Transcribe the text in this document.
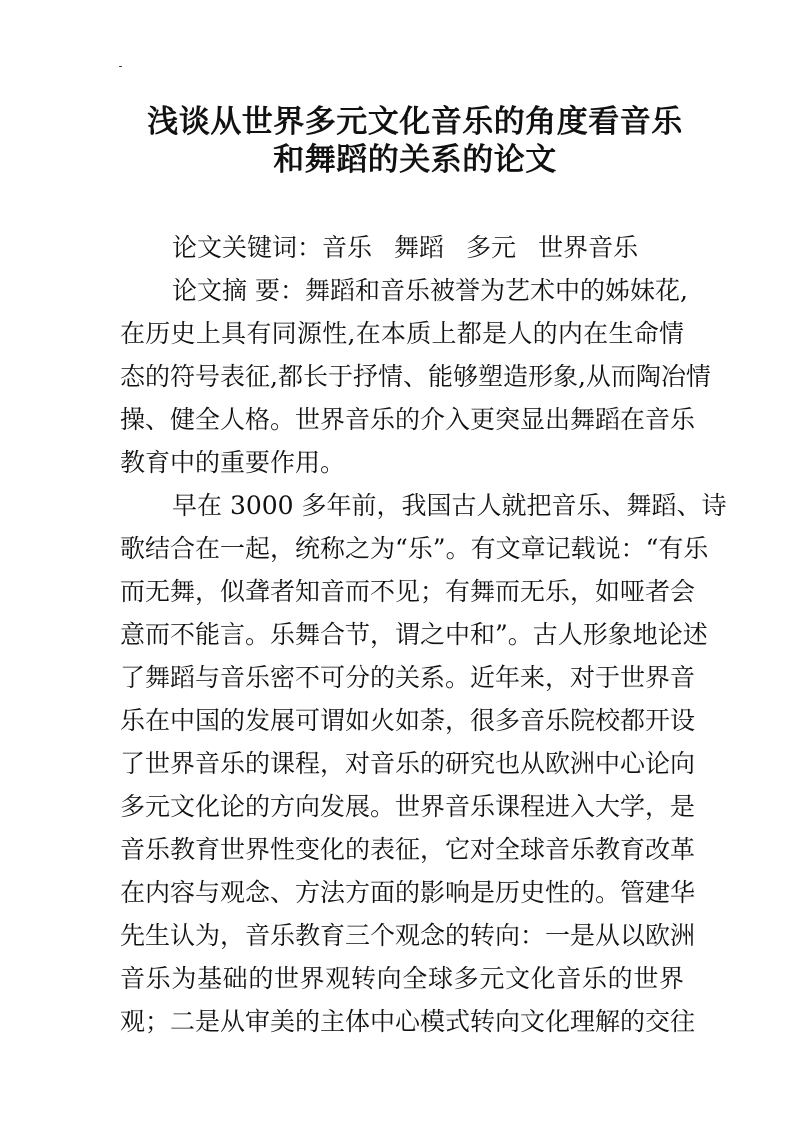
浅谈从世界多元文化音乐的角度看音乐
和舞蹈的关系的论文
论文关键词：音乐 舞蹈 多元 世界音乐
论文摘 要：舞蹈和音乐被誉为艺术中的姊妹花,
在历史上具有同源性,在本质上都是人的内在生命情
态的符号表征,都长于抒情、能够塑造形象,从而陶冶情
操、健全人格。世界音乐的介入更突显出舞蹈在音乐
教育中的重要作用。
早在 3000 多年前，我国古人就把音乐、舞蹈、诗
歌结合在一起，统称之为“乐”。有文章记载说：“有乐
而无舞，似聋者知音而不见；有舞而无乐，如哑者会
意而不能言。乐舞合节，谓之中和”。古人形象地论述
了舞蹈与音乐密不可分的关系。近年来，对于世界音
乐在中国的发展可谓如火如荼，很多音乐院校都开设
了世界音乐的课程，对音乐的研究也从欧洲中心论向
多元文化论的方向发展。世界音乐课程进入大学，是
音乐教育世界性变化的表征，它对全球音乐教育改革
在内容与观念、方法方面的影响是历史性的。管建华
先生认为，音乐教育三个观念的转向：一是从以欧洲
音乐为基础的世界观转向全球多元文化音乐的世界
观；二是从审美的主体中心模式转向文化理解的交往
